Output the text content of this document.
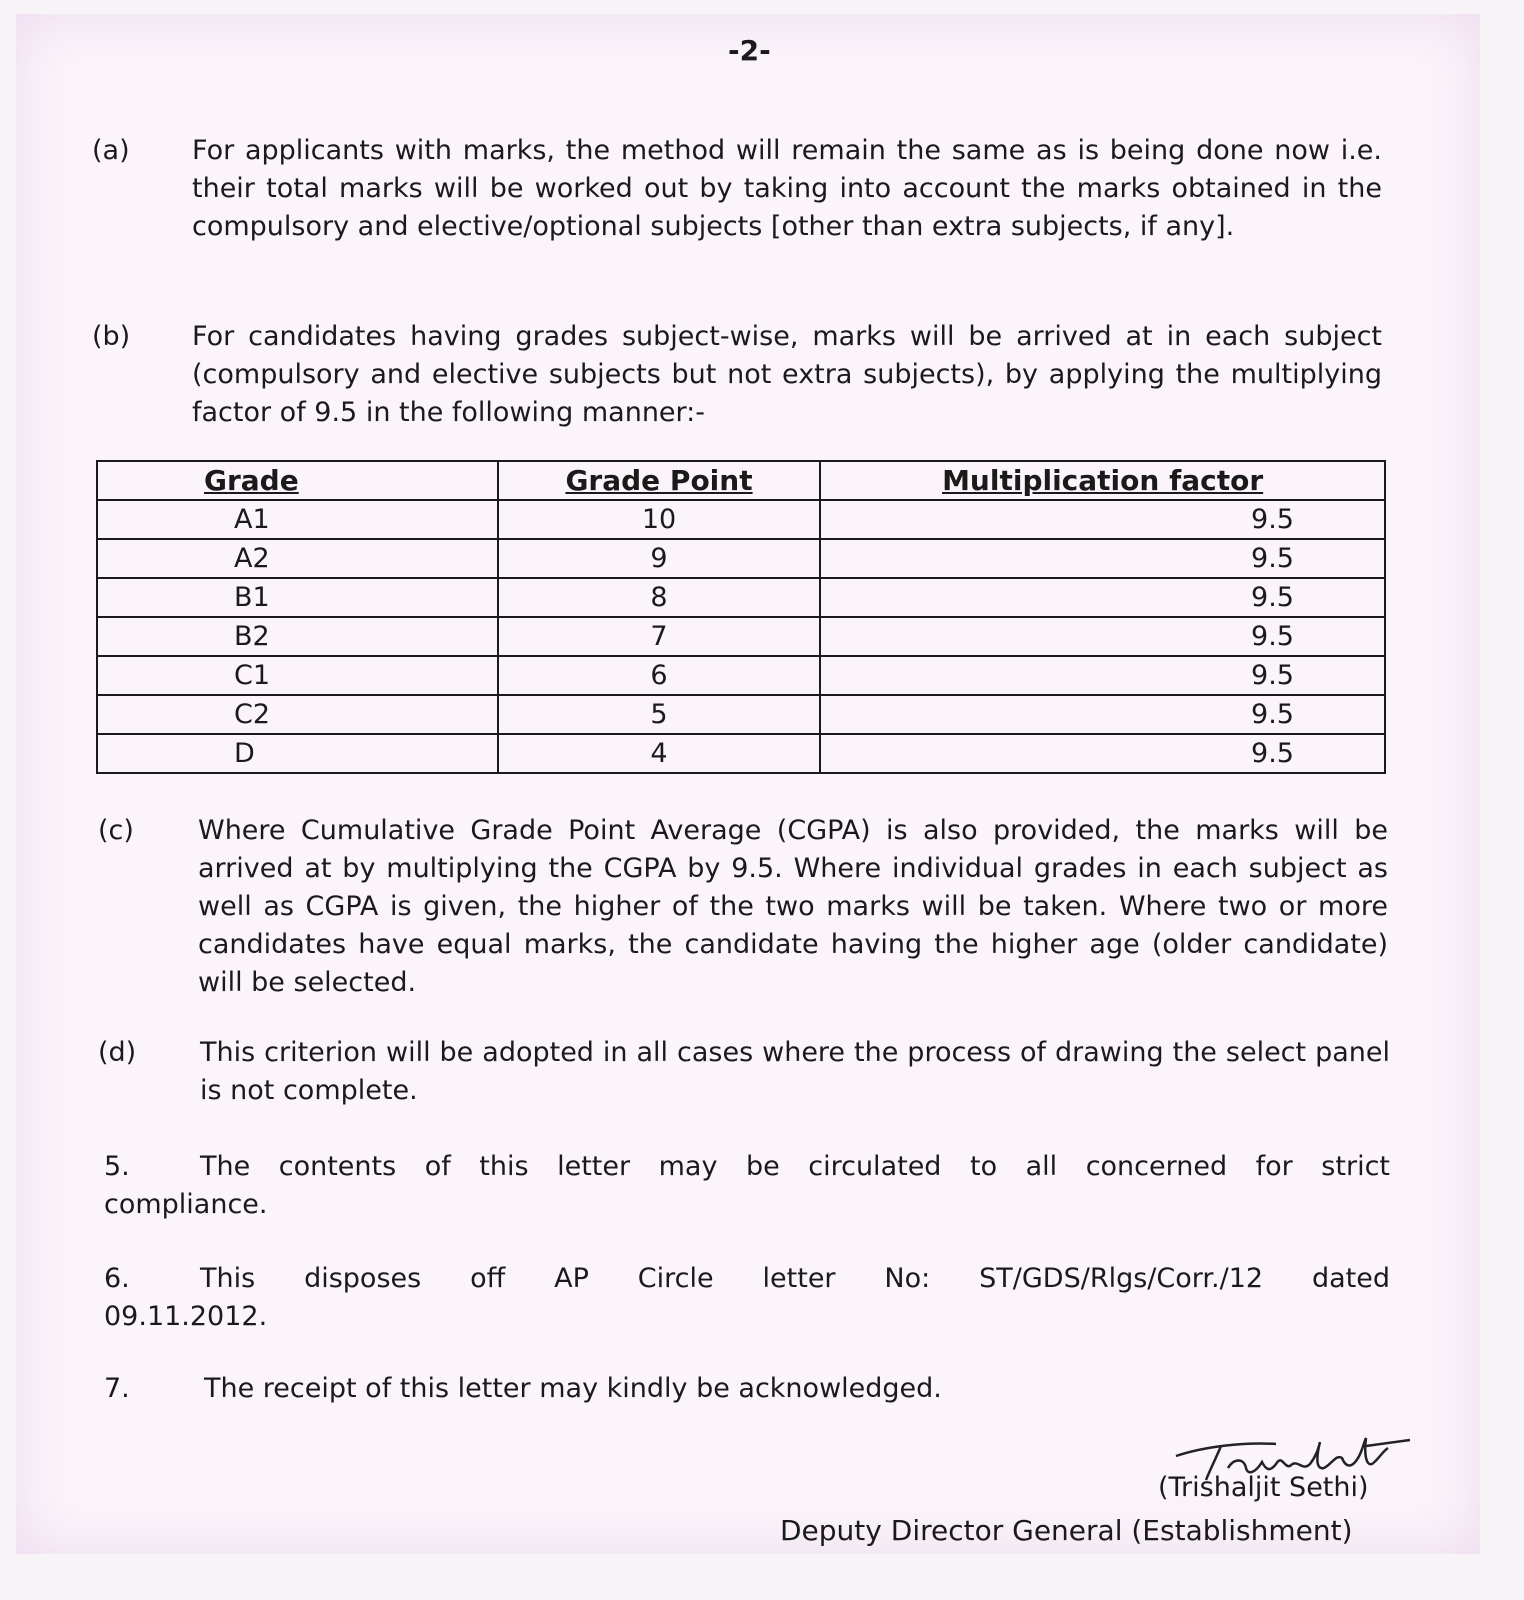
-2-
(a) For applicants with marks, the method will remain the same as is being done now i.e. their total marks will be worked out by taking into account the marks obtained in the compulsory and elective/optional subjects [other than extra subjects, if any].
(b) For candidates having grades subject-wise, marks will be arrived at in each subject (compulsory and elective subjects but not extra subjects), by applying the multiplying factor of 9.5 in the following manner:-
Grade	Grade Point	Multiplication factor
A1	10	9.5
A2	9	9.5
B1	8	9.5
B2	7	9.5
C1	6	9.5
C2	5	9.5
D	4	9.5
(c) Where Cumulative Grade Point Average (CGPA) is also provided, the marks will be arrived at by multiplying the CGPA by 9.5. Where individual grades in each subject as well as CGPA is given, the higher of the two marks will be taken. Where two or more candidates have equal marks, the candidate having the higher age (older candidate) will be selected.
(d) This criterion will be adopted in all cases where the process of drawing the select panel is not complete.
5.	The contents of this letter may be circulated to all concerned for strict
compliance.
6.	This disposes off AP Circle letter No: ST/GDS/Rlgs/Corr./12 dated
09.11.2012.
7.	The receipt of this letter may kindly be acknowledged.
(Trishaljit Sethi)
Deputy Director General (Establishment)
